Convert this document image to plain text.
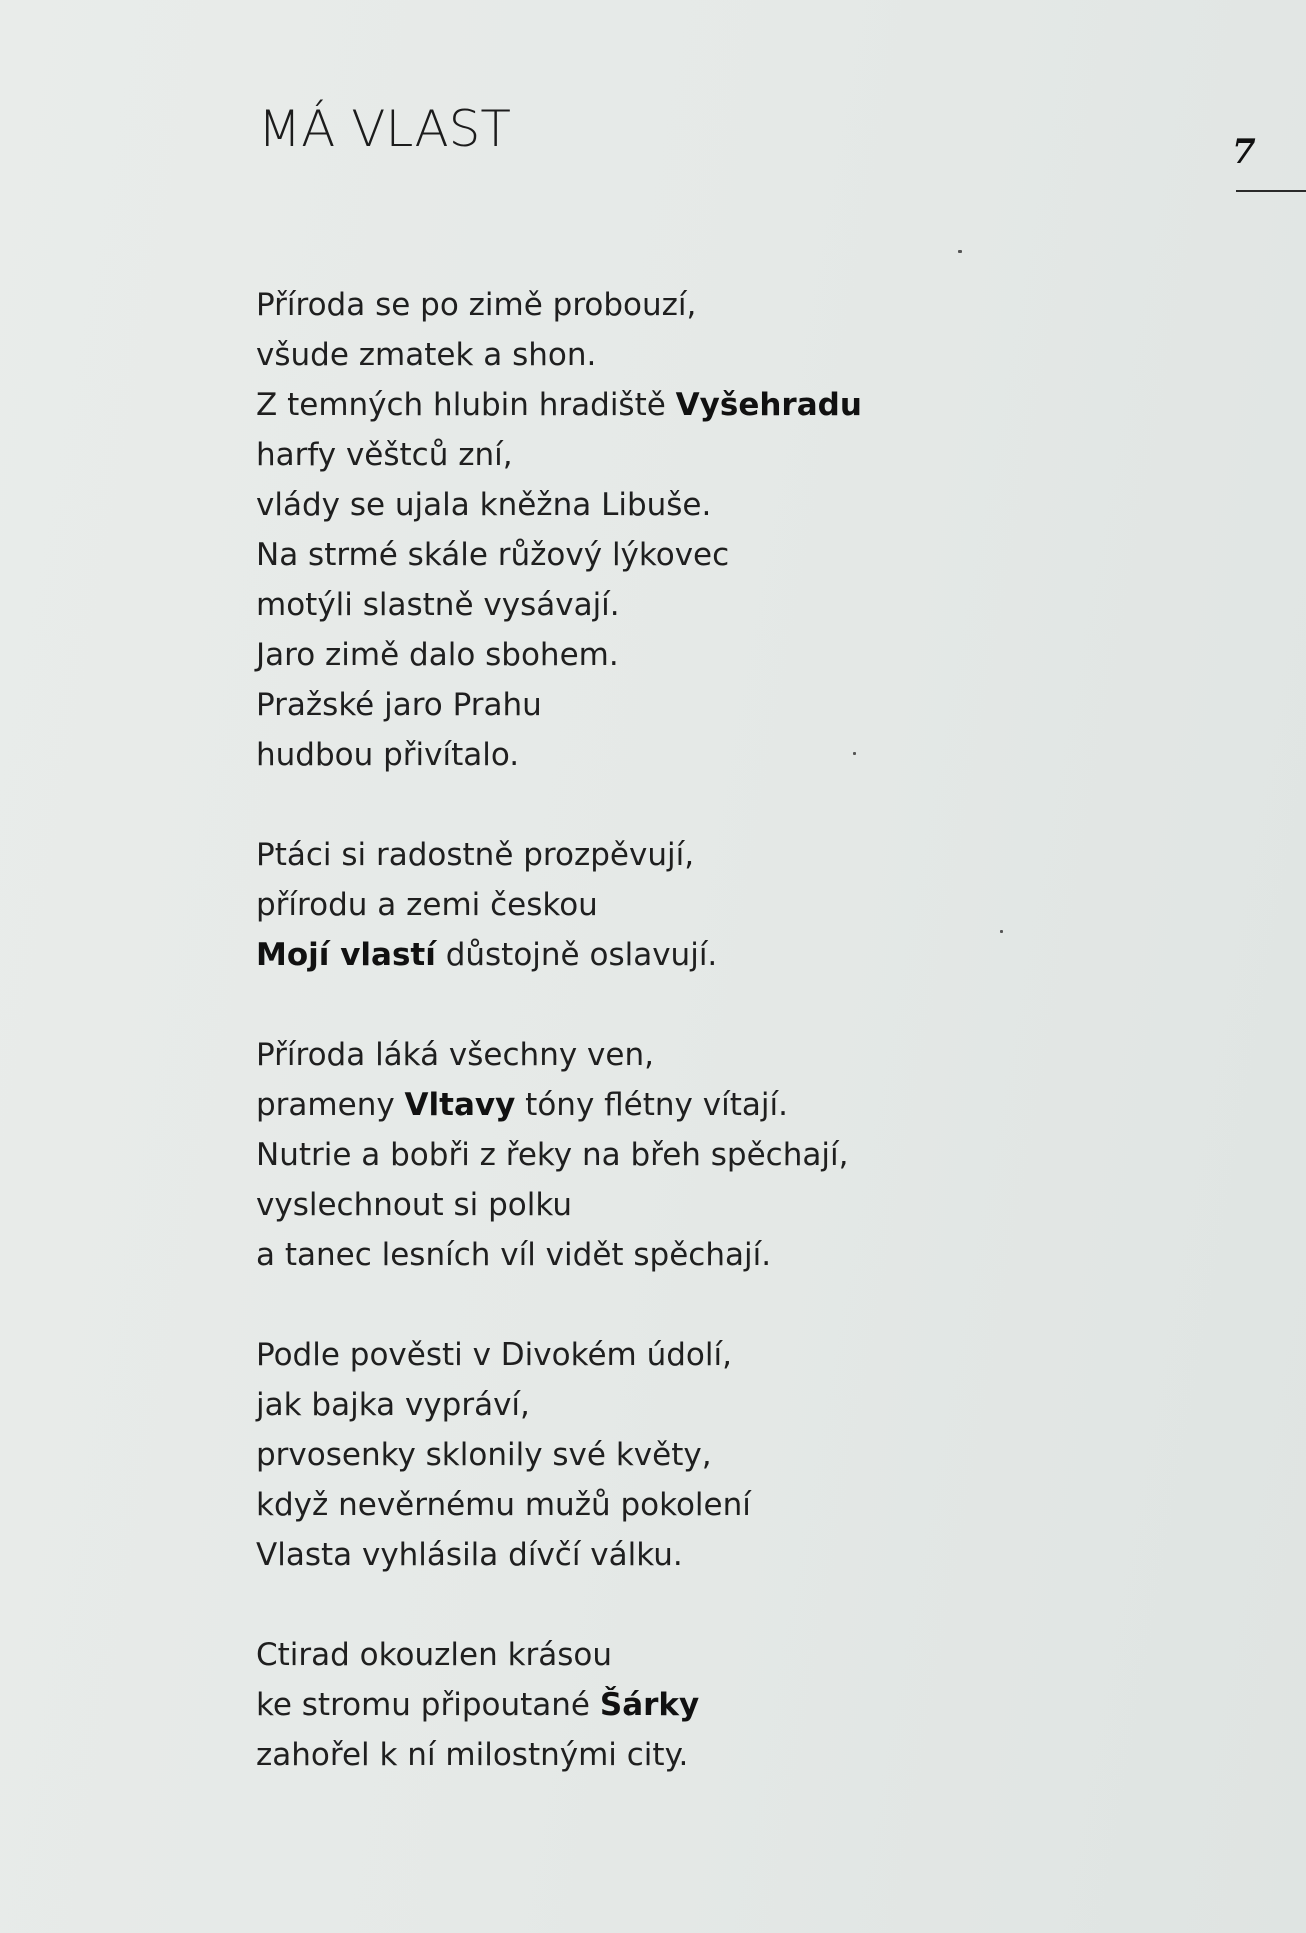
MÁ VLAST	7
Příroda se po zimě probouzí,
všude zmatek a shon.
Z temných hlubin hradiště Vyšehradu
harfy věštců zní,
vlády se ujala kněžna Libuše.
Na strmé skále růžový lýkovec
motýli slastně vysávají.
Jaro zimě dalo sbohem.
Pražské jaro Prahu
hudbou přivítalo.
Ptáci si radostně prozpěvují,
přírodu a zemi českou
Mojí vlastí důstojně oslavují.
Příroda láká všechny ven,
prameny Vltavy tóny flétny vítají.
Nutrie a bobři z řeky na břeh spěchají,
vyslechnout si polku
a tanec lesních víl vidět spěchají.
Podle pověsti v Divokém údolí,
jak bajka vypráví,
prvosenky sklonily své květy,
když nevěrnému mužů pokolení
Vlasta vyhlásila dívčí válku.
Ctirad okouzlen krásou
ke stromu připoutané Šárky
zahořel k ní milostnými city.
